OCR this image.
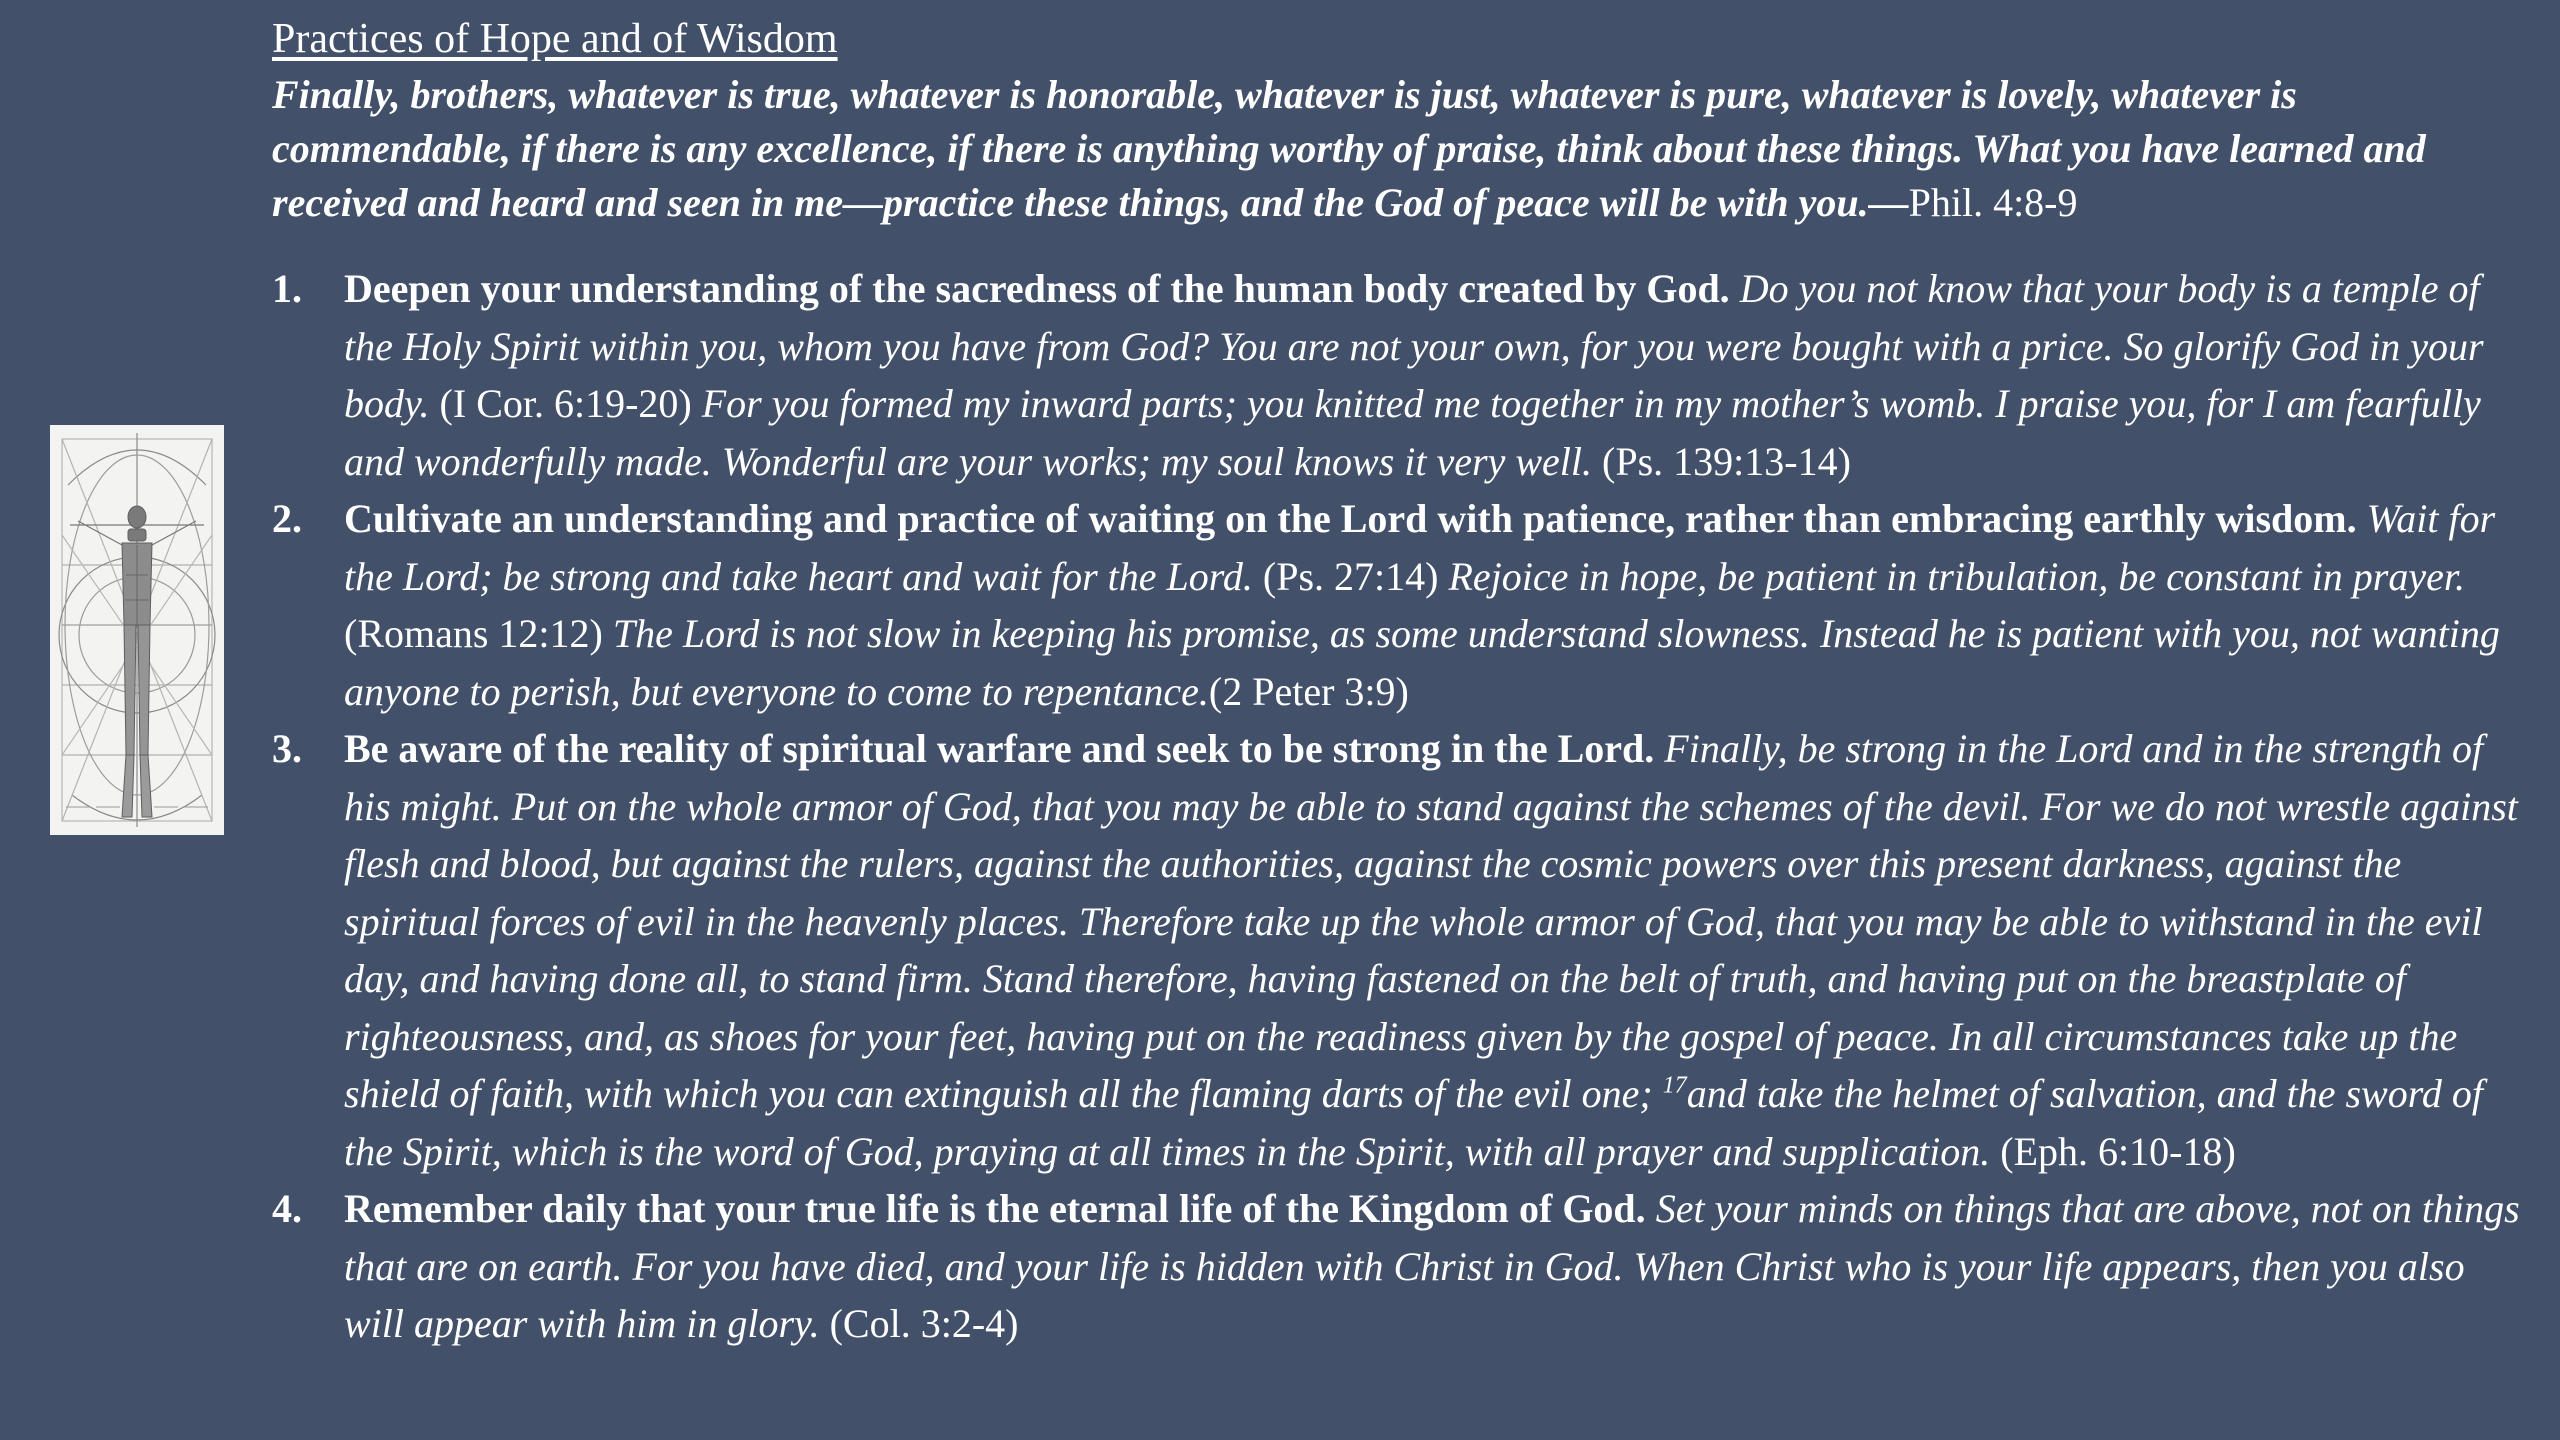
Practices of Hope and of Wisdom

Finally, brothers, whatever is true, whatever is honorable, whatever is just, whatever is pure, whatever is lovely, whatever is commendable, if there is any excellence, if there is anything worthy of praise, think about these things. What you have learned and received and heard and seen in me—practice these things, and the God of peace will be with you.—Phil. 4:8-9

1. Deepen your understanding of the sacredness of the human body created by God. Do you not know that your body is a temple of the Holy Spirit within you, whom you have from God? You are not your own, for you were bought with a price. So glorify God in your body. (I Cor. 6:19-20) For you formed my inward parts; you knitted me together in my mother’s womb. I praise you, for I am fearfully and wonderfully made. Wonderful are your works; my soul knows it very well. (Ps. 139:13-14)
2. Cultivate an understanding and practice of waiting on the Lord with patience, rather than embracing earthly wisdom. Wait for the Lord; be strong and take heart and wait for the Lord. (Ps. 27:14) Rejoice in hope, be patient in tribulation, be constant in prayer. (Romans 12:12) The Lord is not slow in keeping his promise, as some understand slowness. Instead he is patient with you, not wanting anyone to perish, but everyone to come to repentance.(2 Peter 3:9)
3. Be aware of the reality of spiritual warfare and seek to be strong in the Lord. Finally, be strong in the Lord and in the strength of his might. Put on the whole armor of God, that you may be able to stand against the schemes of the devil. For we do not wrestle against flesh and blood, but against the rulers, against the authorities, against the cosmic powers over this present darkness, against the spiritual forces of evil in the heavenly places. Therefore take up the whole armor of God, that you may be able to withstand in the evil day, and having done all, to stand firm. Stand therefore, having fastened on the belt of truth, and having put on the breastplate of righteousness, and, as shoes for your feet, having put on the readiness given by the gospel of peace. In all circumstances take up the shield of faith, with which you can extinguish all the flaming darts of the evil one; $^{17}$and take the helmet of salvation, and the sword of the Spirit, which is the word of God, praying at all times in the Spirit, with all prayer and supplication. (Eph. 6:10-18)
4. Remember daily that your true life is the eternal life of the Kingdom of God. Set your minds on things that are above, not on things that are on earth. For you have died, and your life is hidden with Christ in God. When Christ who is your life appears, then you also will appear with him in glory. (Col. 3:2-4)
